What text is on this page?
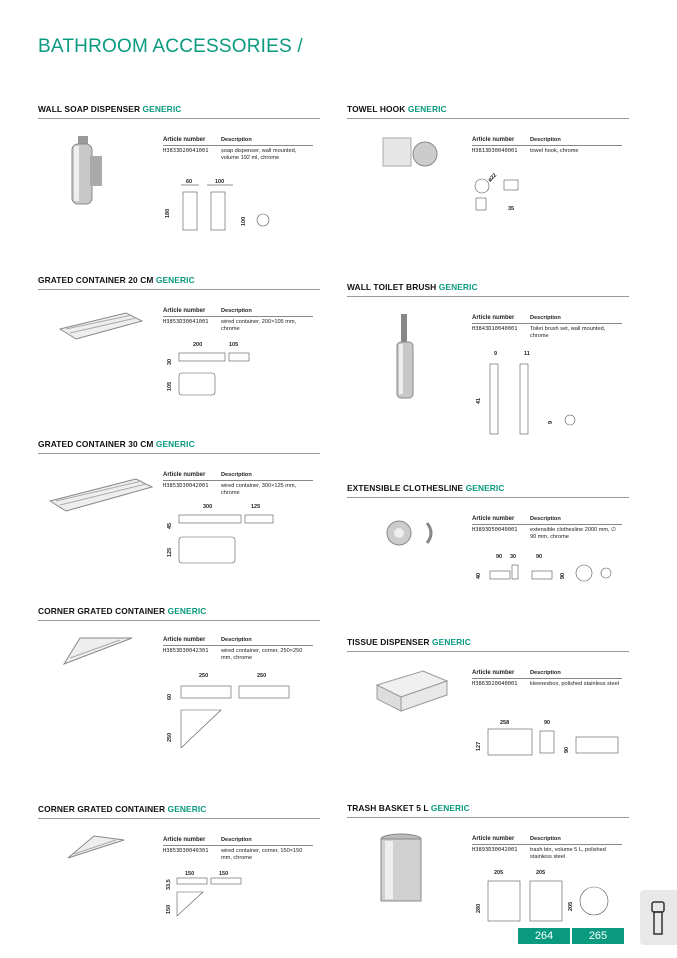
BATHROOM ACCESSORIES /
WALL SOAP DISPENSER GENERIC
Article number	Description
H3833D20041001	soap dispenser, wall mounted, volume 192 ml, chrome
60	100
180
100
GRATED CONTAINER 20 CM GENERIC
Article number	Description
H3853D30041001	wired container, 200×105 mm, chrome
200	105
30
105
GRATED CONTAINER 30 CM GENERIC
Article number	Description
H3853D30042001	wired container, 300×125 mm, chrome
300	125
45
125
CORNER GRATED CONTAINER GENERIC
Article number	Description
H3853D30042301	wired container, corner, 250×250 mm, chrome
250	250
60
250
CORNER GRATED CONTAINER GENERIC
Article number	Description
H3853D30040301	wired container, corner, 150×150 mm, chrome
150	150
33,5
150
TOWEL HOOK GENERIC
Article number	Description
H3813D30040001	towel hook, chrome
⌀22
35
WALL TOILET BRUSH GENERIC
Article number	Description
H3843D10040001	Toilet brush set, wall mounted, chrome
9	11
41
9
EXTENSIBLE CLOTHESLINE GENERIC
Article number	Description
H3893D50040001	extensible clothesline 2000 mm, ∅ 90 mm, chrome
90 30	90
40	90
TISSUE DISPENSER GENERIC
Article number	Description
H3863D20040001	kleenexbox, polished stainless steel
258	90
127	90
TRASH BASKET 5 L GENERIC
Article number	Description
H3893D30042001	trash bin, volume 5 L, polished stainless steel
205	205
280	205
264	265
